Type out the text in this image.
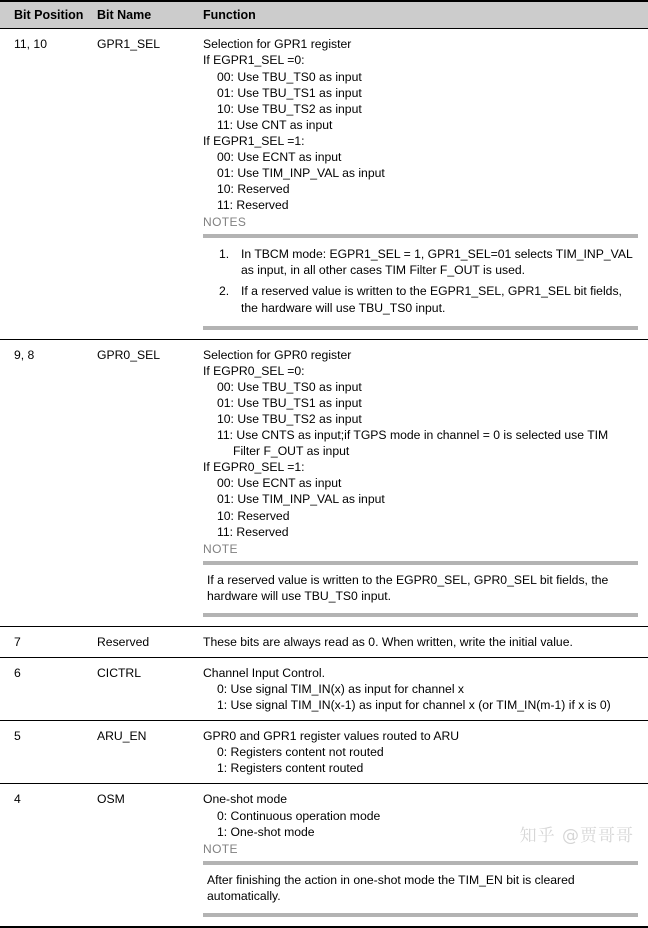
Bit Position	Bit Name	Function
11, 10	GPR1_SEL	Selection for GPR1 register
If EGPR1_SEL =0:
00: Use TBU_TS0 as input
01: Use TBU_TS1 as input
10: Use TBU_TS2 as input
11: Use CNT as input
If EGPR1_SEL =1:
00: Use ECNT as input
01: Use TIM_INP_VAL as input
10: Reserved
11: Reserved
NOTES
In TBCM mode: EGPR1_SEL = 1, GPR1_SEL=01 selects TIM_INP_VAL as input, in all other cases TIM Filter F_OUT is used.
If a reserved value is written to the EGPR1_SEL, GPR1_SEL bit fields, the hardware will use TBU_TS0 input.

9, 8	GPR0_SEL	Selection for GPR0 register
If EGPR0_SEL =0:
00: Use TBU_TS0 as input
01: Use TBU_TS1 as input
10: Use TBU_TS2 as input
11: Use CNTS as input;if TGPS mode in channel = 0 is selected use TIM Filter F_OUT as input
If EGPR0_SEL =1:
00: Use ECNT as input
01: Use TIM_INP_VAL as input
10: Reserved
11: Reserved
NOTE

If a reserved value is written to the EGPR0_SEL, GPR0_SEL bit fields, the hardware will use TBU_TS0 input.

7	Reserved	These bits are always read as 0. When written, write the initial value.

6	CICTRL	Channel Input Control.
0: Use signal TIM_IN(x) as input for channel x
1: Use signal TIM_IN(x-1) as input for channel x (or TIM_IN(m-1) if x is 0)

5	ARU_EN	GPR0 and GPR1 register values routed to ARU
0: Registers content not routed
1: Registers content routed

4	OSM	One-shot mode
0: Continuous operation mode
1: One-shot mode
NOTE

After finishing the action in one-shot mode the TIM_EN bit is cleared automatically.

知乎 @贾哥哥
